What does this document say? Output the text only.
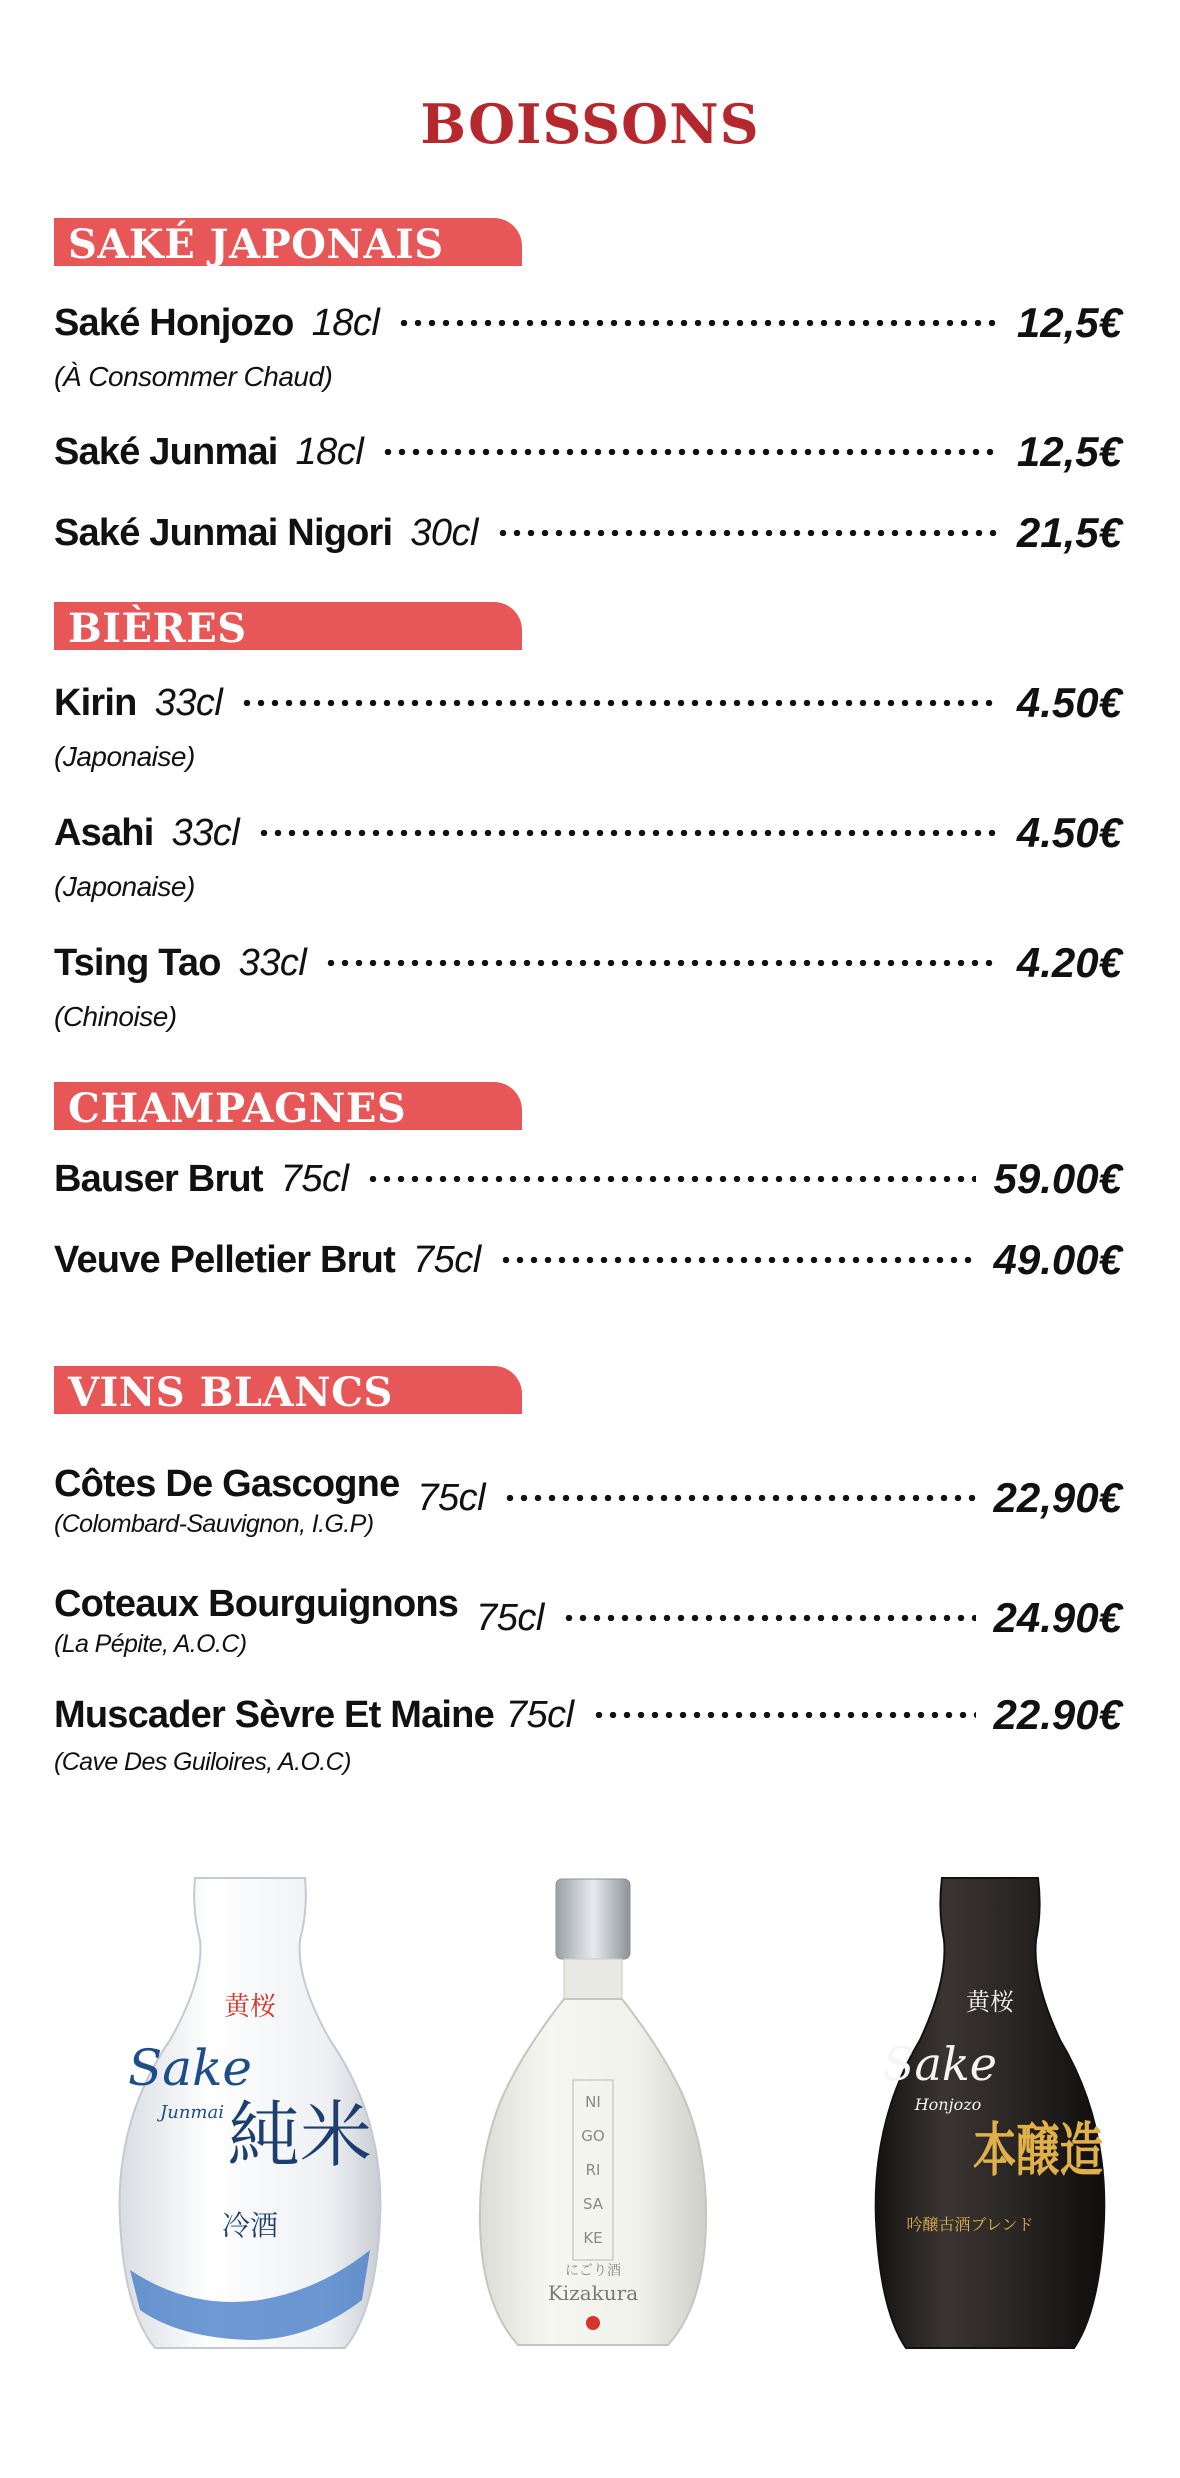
BOISSONS
SAKÉ JAPONAIS
Saké Honjozo 18cl	12,5€
(À Consommer Chaud)
Saké Junmai 18cl	12,5€
Saké Junmai Nigori 30cl	21,5€
BIÈRES
Kirin 33cl	4.50€
(Japonaise)
Asahi 33cl	4.50€
(Japonaise)
Tsing Tao 33cl	4.20€
(Chinoise)
CHAMPAGNES
Bauser Brut 75cl	59.00€
Veuve Pelletier Brut 75cl	49.00€
VINS BLANCS
Côtes De Gascogne 75cl	22,90€
(Colombard-Sauvignon, I.G.P)
Coteaux Bourguignons 75cl	24.90€
(La Pépite, A.O.C)
Muscader Sèvre Et Maine 75cl	22.90€
(Cave Des Guiloires, A.O.C)
黄桜
Sake
Junmai 純米
冷酒
NI
GO
RI
SA
KE
にごり酒
Kizakura
黄桜
Sake
Honjozo
本醸造
吟醸古酒ブレンド
